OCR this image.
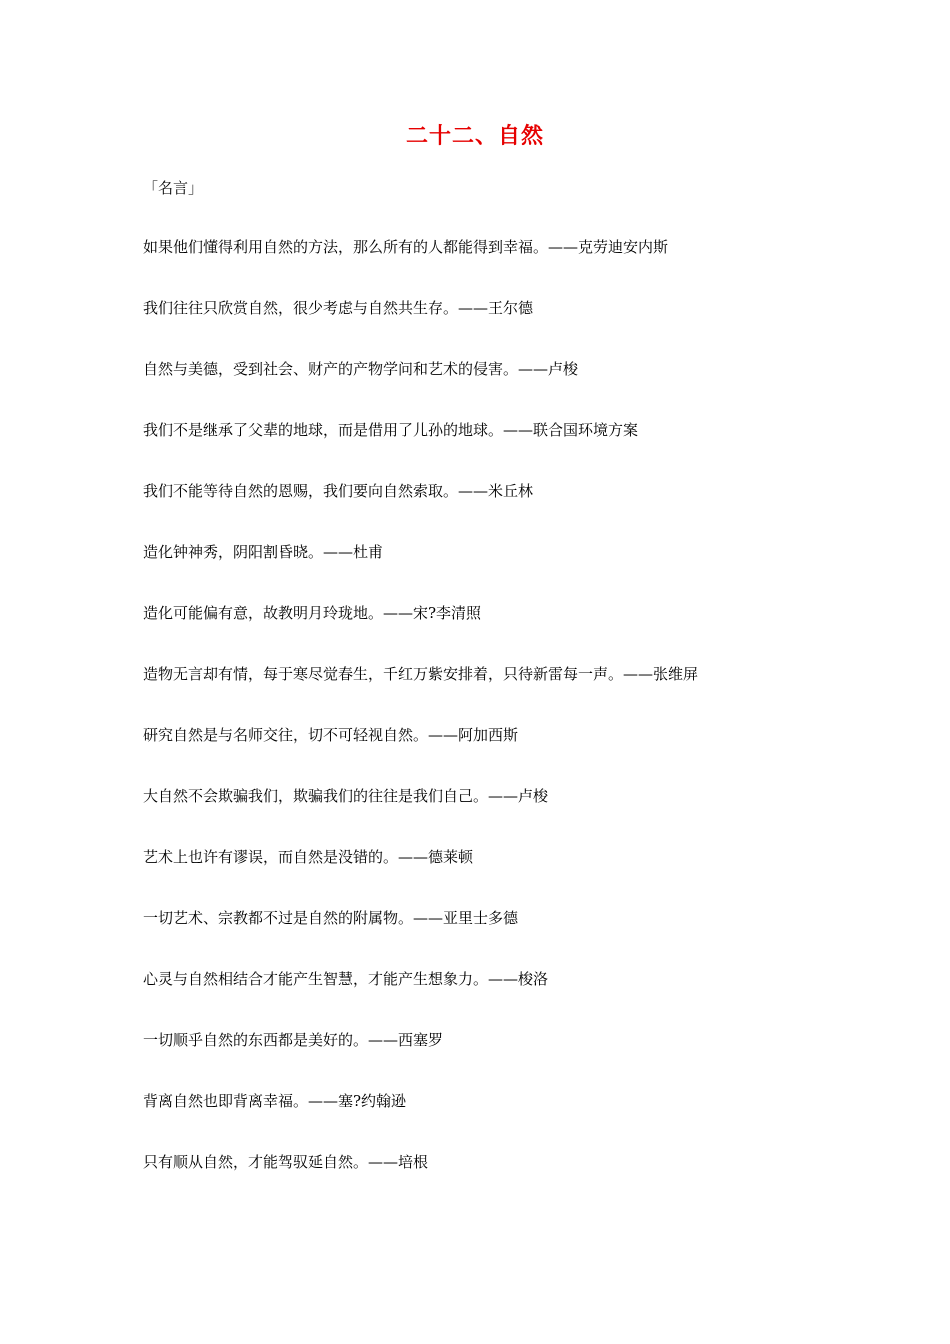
二十二、自然
「名言」
如果他们懂得利用自然的方法，那么所有的人都能得到幸福。——克劳迪安内斯
我们往往只欣赏自然，很少考虑与自然共生存。——王尔德
自然与美德，受到社会、财产的产物学问和艺术的侵害。——卢梭
我们不是继承了父辈的地球，而是借用了儿孙的地球。——联合国环境方案
我们不能等待自然的恩赐，我们要向自然索取。——米丘林
造化钟神秀，阴阳割昏晓。——杜甫
造化可能偏有意，故教明月玲珑地。——宋?李清照
造物无言却有情，每于寒尽觉春生，千红万紫安排着，只待新雷每一声。——张维屏
研究自然是与名师交往，切不可轻视自然。——阿加西斯
大自然不会欺骗我们，欺骗我们的往往是我们自己。——卢梭
艺术上也许有谬误，而自然是没错的。——德莱顿
一切艺术、宗教都不过是自然的附属物。——亚里士多德
心灵与自然相结合才能产生智慧，才能产生想象力。——梭洛
一切顺乎自然的东西都是美好的。——西塞罗
背离自然也即背离幸福。——塞?约翰逊
只有顺从自然，才能驾驭延自然。——培根
